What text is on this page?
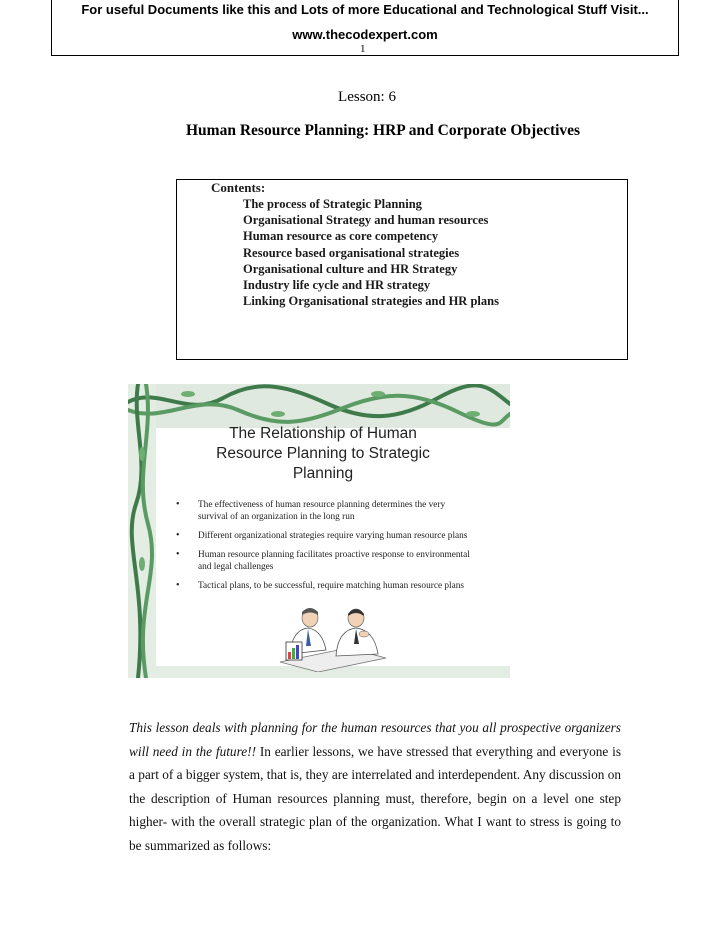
For useful Documents like this and Lots of more Educational and Technological Stuff Visit...
www.thecodexpert.com
1
Lesson: 6
Human Resource Planning: HRP and Corporate Objectives
Contents:
The process of Strategic Planning
Organisational Strategy and human resources
Human resource as core competency
Resource based organisational strategies
Organisational culture and HR Strategy
Industry life cycle and HR strategy
Linking Organisational strategies and HR plans
The Relationship of Human
Resource Planning to Strategic
Planning
• The effectiveness of human resource planning determines the very survival of an organization in the long run
• Different organizational strategies require varying human resource plans
• Human resource planning facilitates proactive response to environmental and legal challenges
• Tactical plans, to be successful, require matching human resource plans

This lesson deals with planning for the human resources that you all prospective organizers will need in the future!! In earlier lessons, we have stressed that everything and everyone is a part of a bigger system, that is, they are interrelated and interdependent. Any discussion on the description of Human resources planning must, therefore, begin on a level one step higher- with the overall strategic plan of the organization. What I want to stress is going to be summarized as follows:
